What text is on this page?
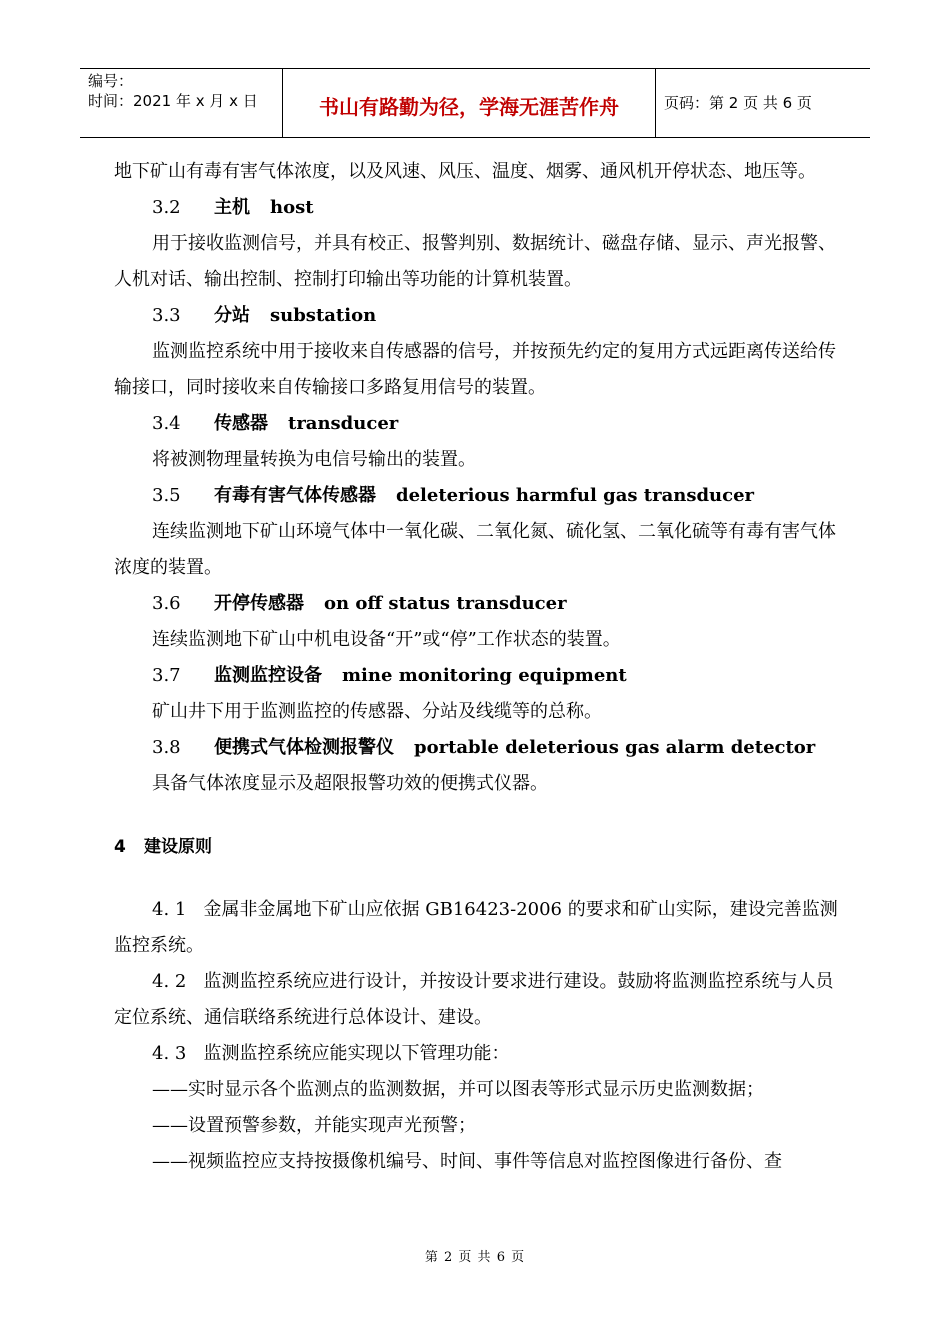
编号：
时间：2021 年 x 月 x 日	书山有路勤为径，学海无涯苦作舟	页码：第 2 页 共 6 页

地下矿山有毒有害气体浓度，以及风速、风压、温度、烟雾、通风机开停状态、地压等。

3.2 主机 host

用于接收监测信号，并具有校正、报警判别、数据统计、磁盘存储、显示、声光报警、人机对话、输出控制、控制打印输出等功能的计算机装置。

3.3 分站 substation

监测监控系统中用于接收来自传感器的信号，并按预先约定的复用方式远距离传送给传输接口，同时接收来自传输接口多路复用信号的装置。

3.4 传感器 transducer

将被测物理量转换为电信号输出的装置。

3.5 有毒有害气体传感器 deleterious harmful gas transducer

连续监测地下矿山环境气体中一氧化碳、二氧化氮、硫化氢、二氧化硫等有毒有害气体浓度的装置。

3.6 开停传感器 on off status transducer

连续监测地下矿山中机电设备“开”或“停”工作状态的装置。

3.7 监测监控设备 mine monitoring equipment

矿山井下用于监测监控的传感器、分站及线缆等的总称。

3.8 便携式气体检测报警仪 portable deleterious gas alarm detector

具备气体浓度显示及超限报警功效的便携式仪器。

4 建设原则

4. 1 金属非金属地下矿山应依据 GB16423-2006 的要求和矿山实际，建设完善监测监控系统。

4. 2 监测监控系统应进行设计，并按设计要求进行建设。鼓励将监测监控系统与人员定位系统、通信联络系统进行总体设计、建设。

4. 3 监测监控系统应能实现以下管理功能：

——实时显示各个监测点的监测数据，并可以图表等形式显示历史监测数据；

——设置预警参数，并能实现声光预警；

——视频监控应支持按摄像机编号、时间、事件等信息对监控图像进行备份、查

第 2 页 共 6 页
